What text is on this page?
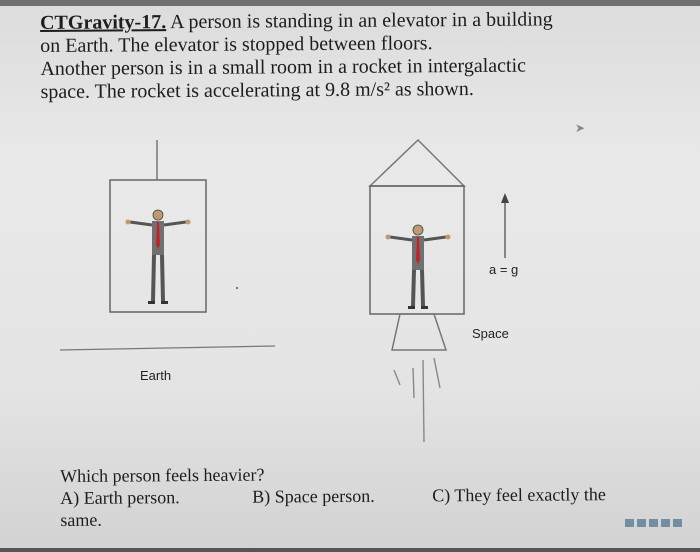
CTGravity-17. A person is standing in an elevator in a building
on Earth. The elevator is stopped between floors.
Another person is in a small room in a rocket in intergalactic
space. The rocket is accelerating at 9.8 m/s² as shown.
➤
a = g
Space
Earth
Which person feels heavier?
A) Earth person.	B) Space person.	C) They feel exactly the
same.
